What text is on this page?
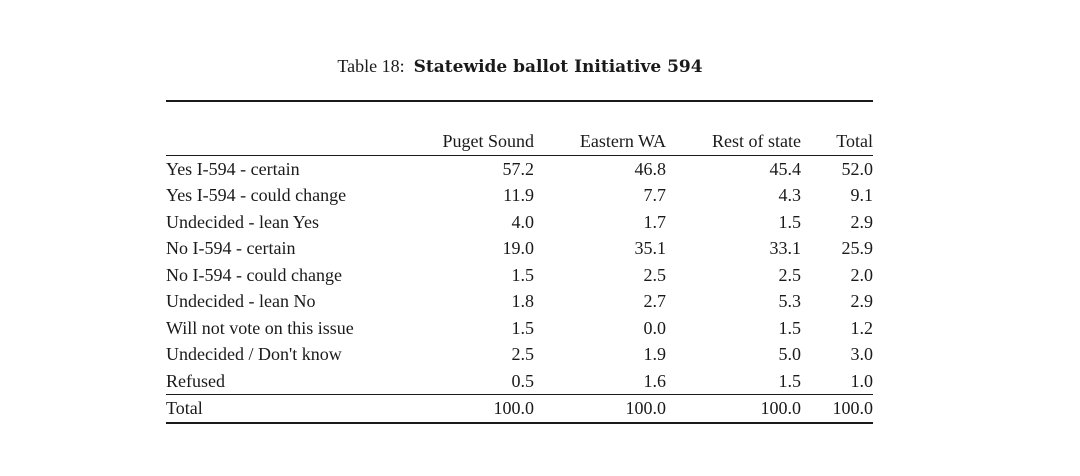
Table 18: Statewide ballot Initiative 594
	Puget Sound	Eastern WA	Rest of state	Total
Yes I-594 - certain	57.2	46.8	45.4	52.0
Yes I-594 - could change	11.9	7.7	4.3	9.1
Undecided - lean Yes	4.0	1.7	1.5	2.9
No I-594 - certain	19.0	35.1	33.1	25.9
No I-594 - could change	1.5	2.5	2.5	2.0
Undecided - lean No	1.8	2.7	5.3	2.9
Will not vote on this issue	1.5	0.0	1.5	1.2
Undecided / Don't know	2.5	1.9	5.0	3.0
Refused	0.5	1.6	1.5	1.0
Total	100.0	100.0	100.0	100.0
